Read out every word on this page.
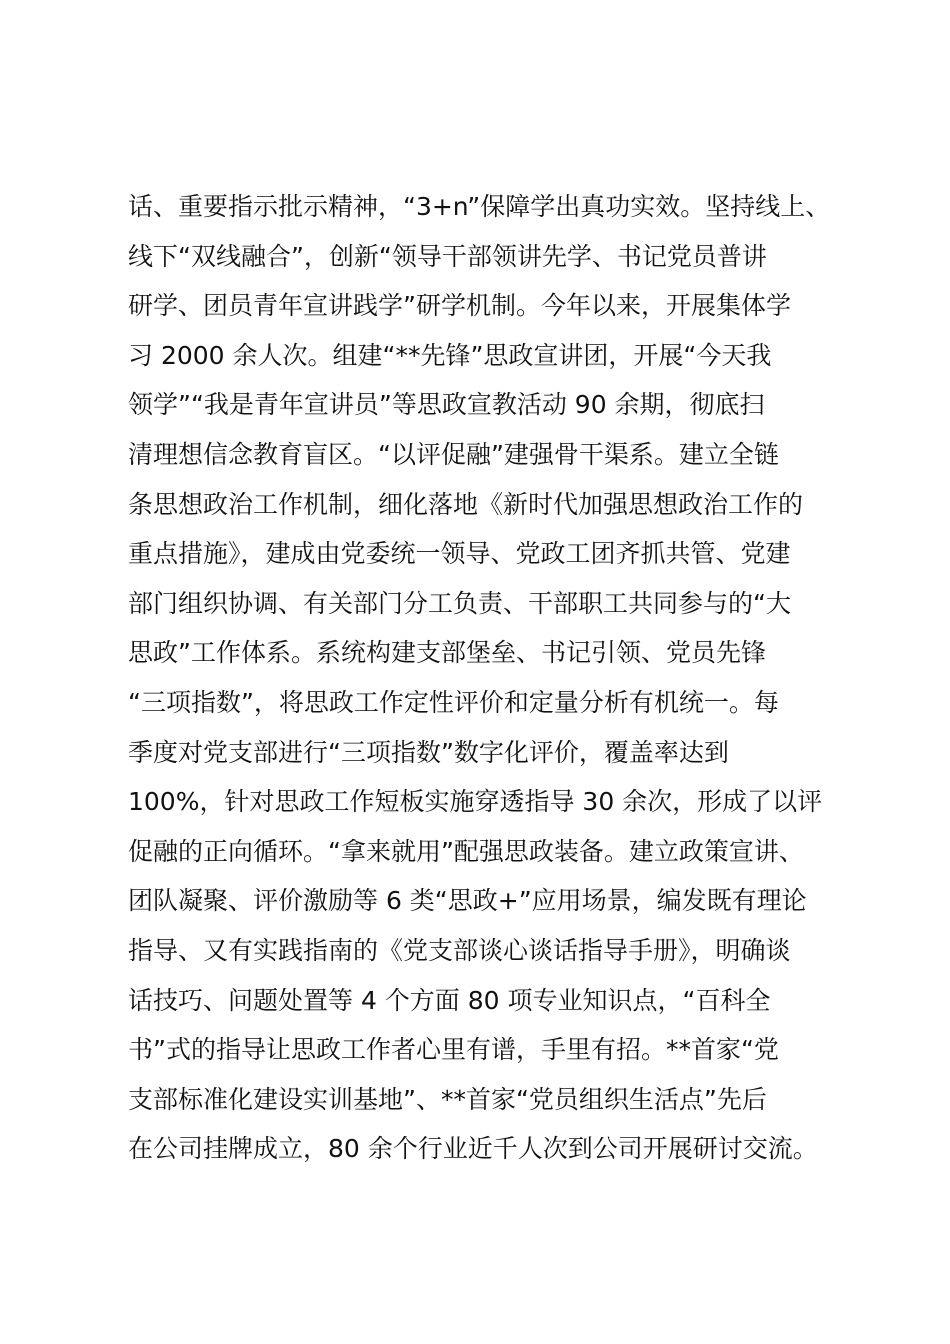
话、重要指示批示精神，“3+n”保障学出真功实效。坚持线上、
线下“双线融合”，创新“领导干部领讲先学、书记党员普讲
研学、团员青年宣讲践学”研学机制。今年以来，开展集体学
习 2000 余人次。组建“**先锋”思政宣讲团，开展“今天我
领学”“我是青年宣讲员”等思政宣教活动 90 余期，彻底扫
清理想信念教育盲区。“以评促融”建强骨干渠系。建立全链
条思想政治工作机制，细化落地《新时代加强思想政治工作的
重点措施》，建成由党委统一领导、党政工团齐抓共管、党建
部门组织协调、有关部门分工负责、干部职工共同参与的“大
思政”工作体系。系统构建支部堡垒、书记引领、党员先锋
“三项指数”，将思政工作定性评价和定量分析有机统一。每
季度对党支部进行“三项指数”数字化评价，覆盖率达到
100%，针对思政工作短板实施穿透指导 30 余次，形成了以评
促融的正向循环。“拿来就用”配强思政装备。建立政策宣讲、
团队凝聚、评价激励等 6 类“思政+”应用场景，编发既有理论
指导、又有实践指南的《党支部谈心谈话指导手册》，明确谈
话技巧、问题处置等 4 个方面 80 项专业知识点，“百科全
书”式的指导让思政工作者心里有谱，手里有招。**首家“党
支部标准化建设实训基地”、**首家“党员组织生活点”先后
在公司挂牌成立，80 余个行业近千人次到公司开展研讨交流。
